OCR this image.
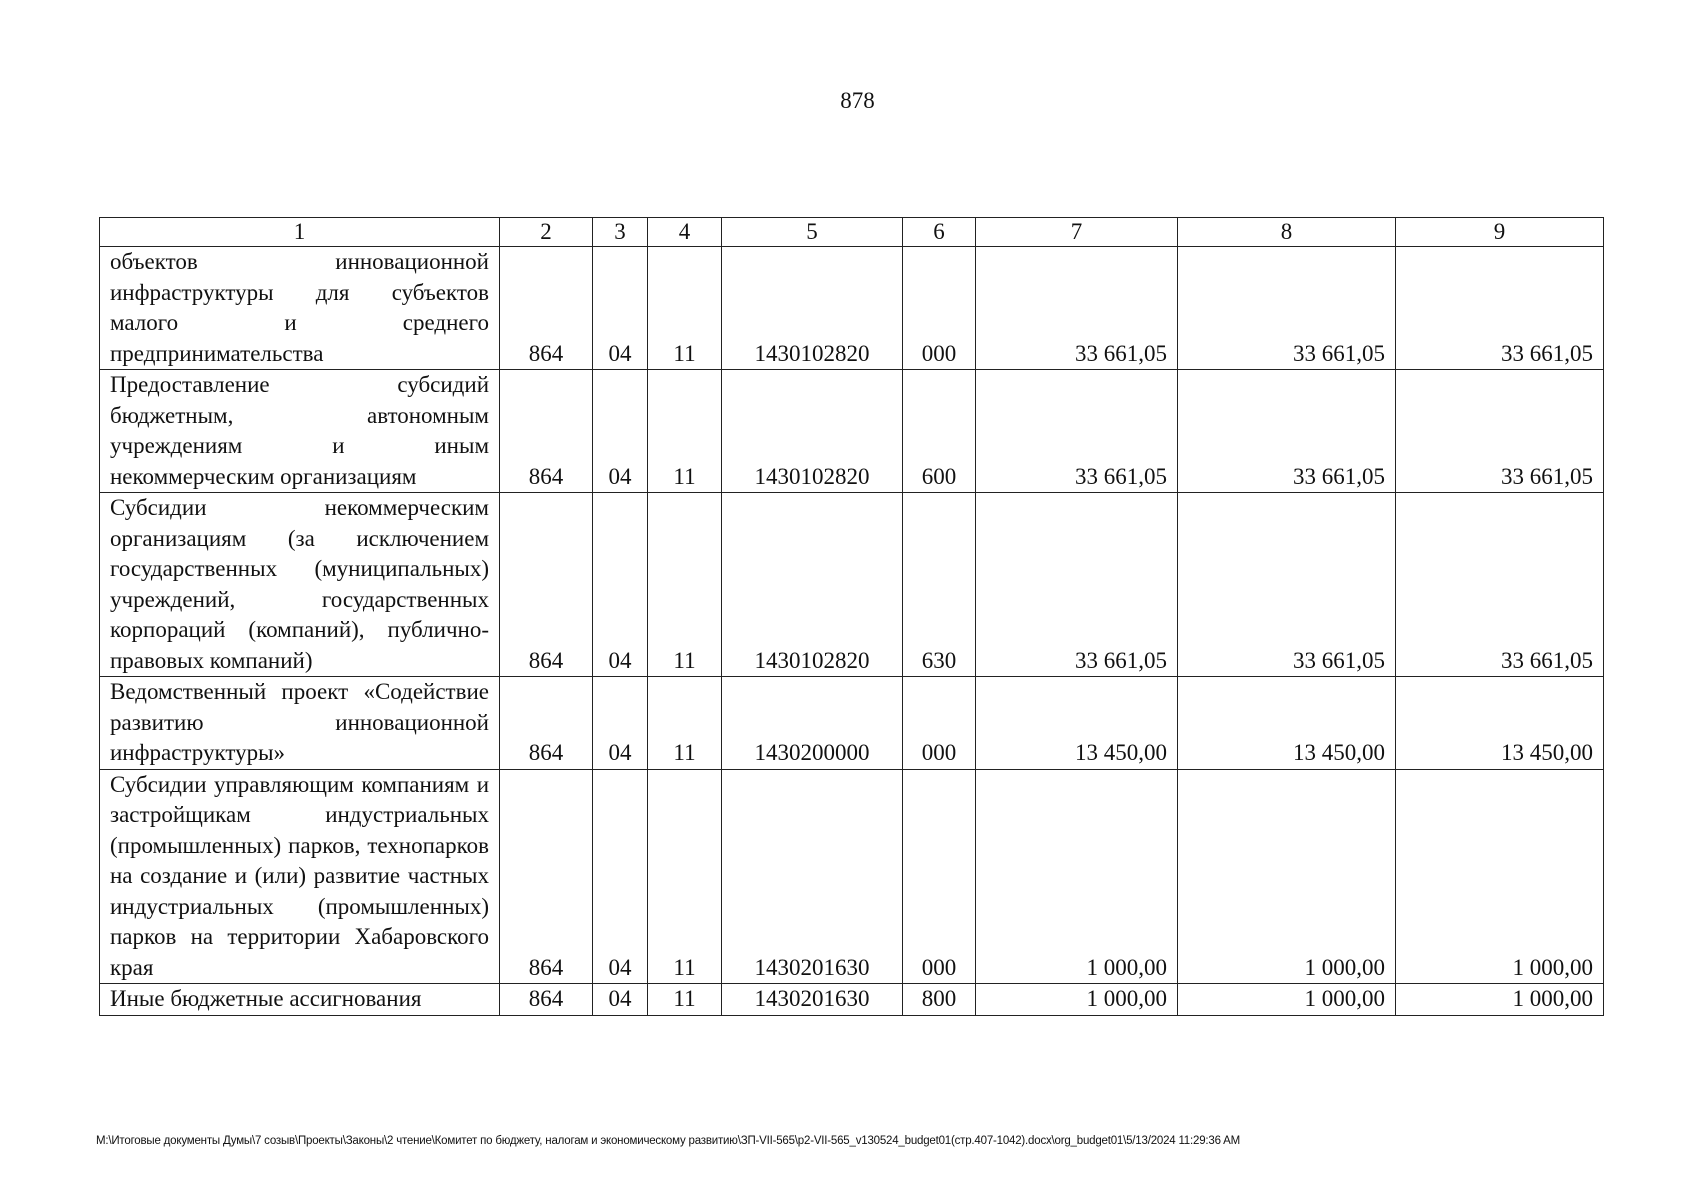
878
1	2	3	4	5	6	7	8	9
объектов инновационной инфраструктуры для субъектов малого и среднего предпринимательства	864	04	11	1430102820	000	33 661,05	33 661,05	33 661,05
Предоставление субсидий бюджетным, автономным учреждениям и иным некоммерческим организациям	864	04	11	1430102820	600	33 661,05	33 661,05	33 661,05
Субсидии некоммерческим организациям (за исключением государственных (муниципальных) учреждений, государственных корпораций (компаний), публично-правовых компаний)	864	04	11	1430102820	630	33 661,05	33 661,05	33 661,05
Ведомственный проект «Содействие развитию инновационной инфраструктуры»	864	04	11	1430200000	000	13 450,00	13 450,00	13 450,00
Субсидии управляющим компаниям и застройщикам индустриальных (промышленных) парков, технопарков на создание и (или) развитие частных индустриальных (промышленных) парков на территории Хабаровского края	864	04	11	1430201630	000	1 000,00	1 000,00	1 000,00
Иные бюджетные ассигнования	864	04	11	1430201630	800	1 000,00	1 000,00	1 000,00
M:\Итоговые документы Думы\7 созыв\Проекты\Законы\2 чтение\Комитет по бюджету, налогам и экономическому развитию\ЗП-VII-565\р2-VII-565_v130524_budget01(стр.407-1042).docx\org_budget01\5/13/2024 11:29:36 AM
